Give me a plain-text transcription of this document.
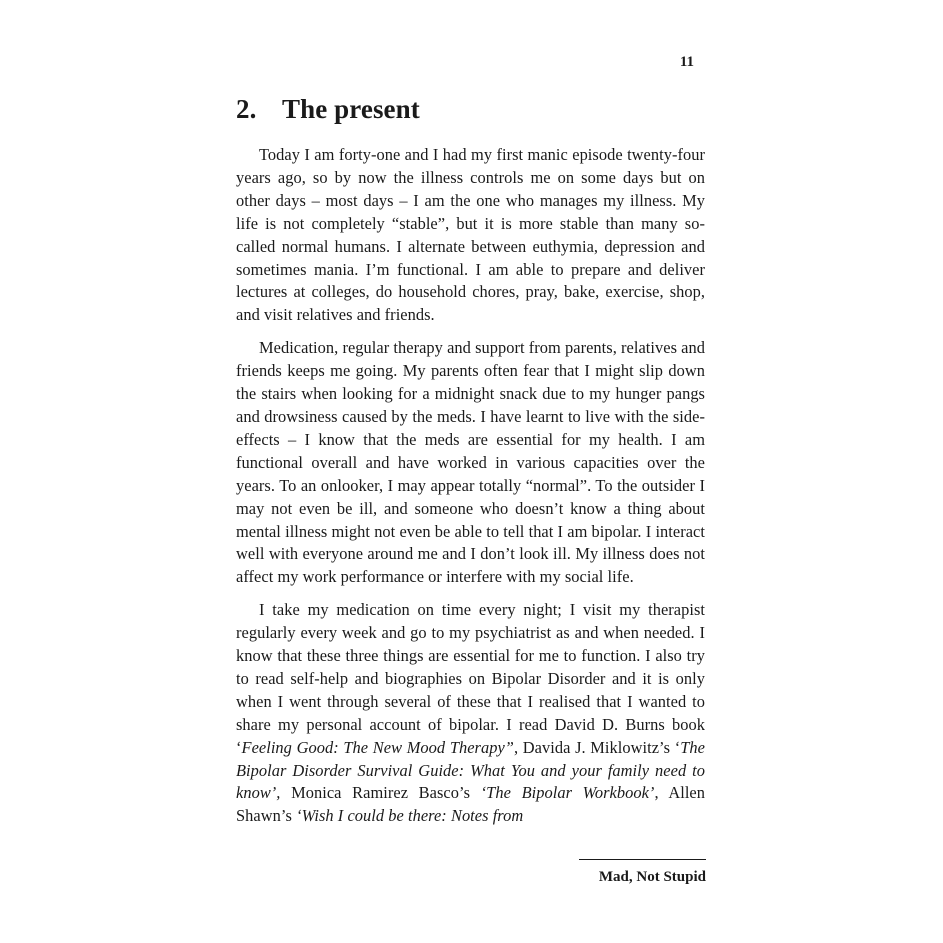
11
2. The present

Today I am forty-one and I had my first manic episode twenty-four years ago, so by now the illness controls me on some days but on other days – most days – I am the one who manages my illness. My life is not completely “stable”, but it is more stable than many so-called normal humans. I alternate between euthymia, depression and sometimes mania. I’m functional. I am able to prepare and deliver lectures at colleges, do household chores, pray, bake, exercise, shop, and visit relatives and friends.

Medication, regular therapy and support from parents, relatives and friends keeps me going. My parents often fear that I might slip down the stairs when looking for a midnight snack due to my hunger pangs and drowsiness caused by the meds. I have learnt to live with the side-effects – I know that the meds are essential for my health. I am functional overall and have worked in various capacities over the years. To an onlooker, I may appear totally “normal”. To the outsider I may not even be ill, and someone who doesn’t know a thing about mental illness might not even be able to tell that I am bipolar. I interact well with everyone around me and I don’t look ill. My illness does not affect my work performance or interfere with my social life.

I take my medication on time every night; I visit my therapist regularly every week and go to my psychiatrist as and when needed. I know that these three things are essential for me to function. I also try to read self-help and biographies on Bipolar Disorder and it is only when I went through several of these that I realised that I wanted to share my personal account of bipolar. I read David D. Burns book ‘Feeling Good: The New Mood Therapy”, Davida J. Miklowitz’s ‘The Bipolar Disorder Survival Guide: What You and your family need to know’, Monica Ramirez Basco’s ‘The Bipolar Workbook’, Allen Shawn’s ‘Wish I could be there: Notes from

Mad, Not Stupid
